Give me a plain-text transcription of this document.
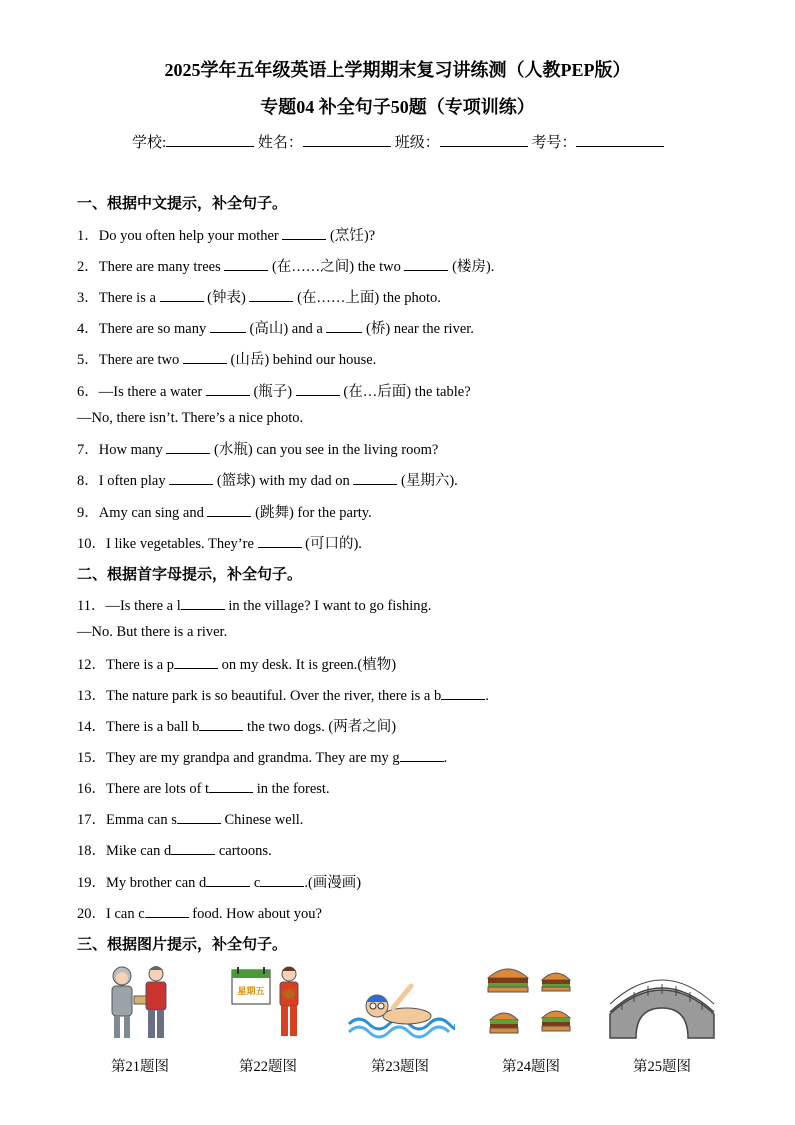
2025学年五年级英语上学期期末复习讲练测（人教PEP版）
专题04 补全句子50题（专项训练）
学校:	姓名：	班级：	考号：
一、根据中文提示，补全句子。
1．Do you often help your mother	(烹饪)?
2．There are many trees	(在……之间) the two	(楼房).
3．There is a	(钟表)	(在……上面) the photo.
4．There are so many  (高山) and a  (桥) near the river.
5．There are two	(山岳) behind our house.
6．—Is there a water	(瓶子)	(在…后面) the table?
—No, there isn’t. There’s a nice photo.
7．How many	(水瓶) can you see in the living room?
8．I often play	(篮球) with my dad on	(星期六).
9．Amy can sing and	(跳舞) for the party.
10．I like vegetables. They’re	(可口的).
二、根据首字母提示，补全句子。
11．—Is there a l	in the village? I want to go fishing.
—No. But there is a river.
12．There is a p	on my desk. It is green.(植物)
13．The nature park is so beautiful. Over the river, there is a b	.
14．There is a ball b	the two dogs. (两者之间)
15．They are my grandpa and grandma. They are my g	.
16．There are lots of t	in the forest.
17．Emma can s	Chinese well.
18．Mike can d	cartoons.
19．My brother can d	c	.(画漫画)
20．I can c	food. How about you?
三、根据图片提示，补全句子。
第21题图
星期五
第22题图	第23题图	第24题图	第25题图
